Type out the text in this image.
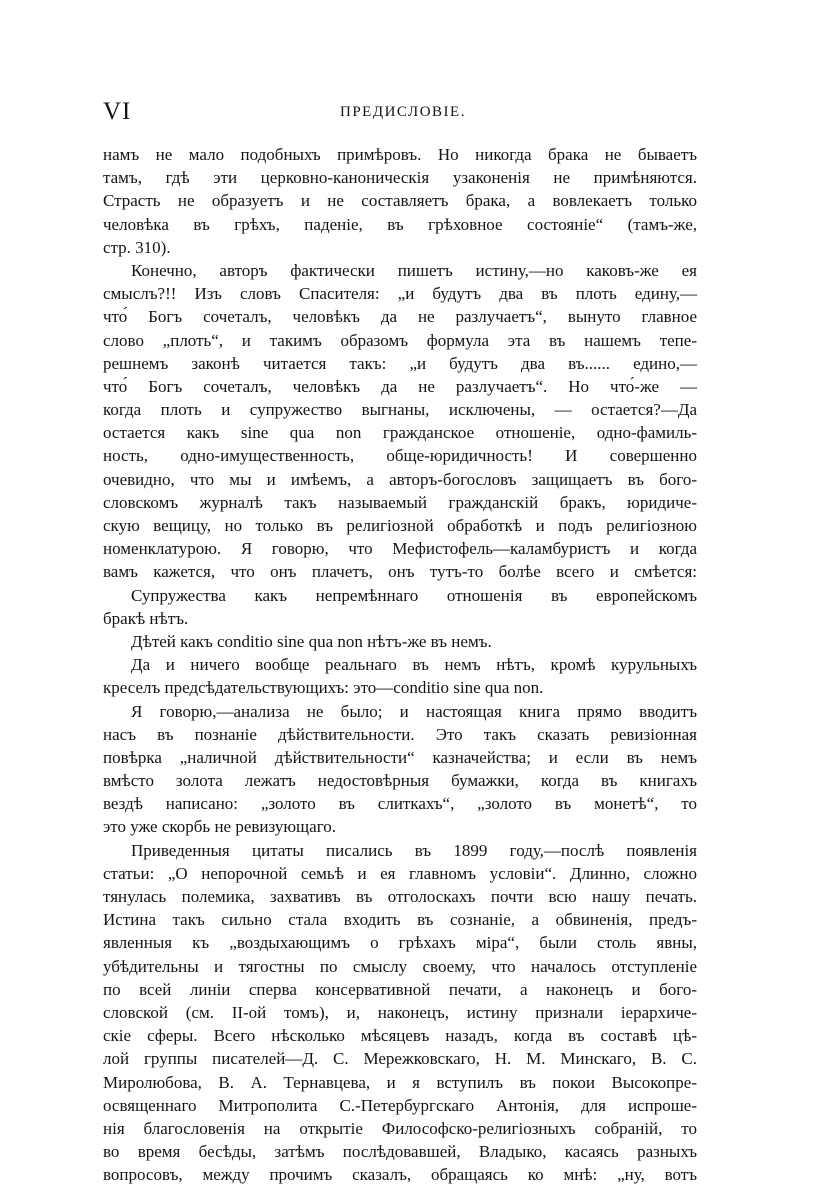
VI	ПРЕДИСЛОВIЕ.
намъ не мало подобныхъ примѣровъ. Но никогда брака не бываетъ
тамъ, гдѣ эти церковно-каноническiя узаконенiя не примѣняются.
Страсть не образуетъ и не составляетъ брака, а вовлекаетъ только
человѣка въ грѣхъ, паденiе, въ грѣховное состоянiе“ (тамъ-же,
стр. 310).
Конечно, авторъ фактически пишетъ истину,—но каковъ-же ея
смыслъ?!! Изъ словъ Спасителя: „и будутъ два въ плоть едину,—
что́ Богъ сочеталъ, человѣкъ да не разлучаетъ“, вынуто главное
слово „плоть“, и такимъ образомъ формула эта въ нашемъ тепе-
решнемъ законѣ читается такъ: „и будутъ два въ...... едино,—
что́ Богъ сочеталъ, человѣкъ да не разлучаетъ“. Но что́-же —
когда плоть и супружество выгнаны, исключены, — остается?—Да
остается какъ sine qua non гражданское отношенiе, одно-фамиль-
ность, одно-имущественность, обще-юридичность! И совершенно
очевидно, что мы и имѣемъ, а авторъ-богословъ защищаетъ въ бого-
словскомъ журналѣ такъ называемый гражданскiй бракъ, юридиче-
скую вещицу, но только въ религiозной обработкѣ и подъ религiозною
номенклатурою. Я говорю, что Мефистофель—каламбуристъ и когда
вамъ кажется, что онъ плачетъ, онъ тутъ-то болѣе всего и смѣется:
Супружества какъ непремѣннаго отношенiя въ европейскомъ
бракѣ нѣтъ.
Дѣтей какъ conditio sine qua non нѣтъ-же въ немъ.
Да и ничего вообще реальнаго въ немъ нѣтъ, кромѣ курульныхъ
креселъ предсѣдательствующихъ: это—conditio sine qua non.
Я говорю,—анализа не было; и настоящая книга прямо вводитъ
насъ въ познанiе дѣйствительности. Это такъ сказать ревизiонная
повѣрка „наличной дѣйствительности“ казначейства; и если въ немъ
вмѣсто золота лежатъ недостовѣрныя бумажки, когда въ книгахъ
вездѣ написано: „золото въ слиткахъ“, „золото въ монетѣ“, то
это уже скорбь не ревизующаго.
Приведенныя цитаты писались въ 1899 году,—послѣ появленiя
статьи: „О непорочной семьѣ и ея главномъ условiи“. Длинно, сложно
тянулась полемика, захвативъ въ отголоскахъ почти всю нашу печать.
Истина такъ сильно стала входить въ сознанiе, а обвиненiя, предъ-
явленныя къ „воздыхающимъ о грѣхахъ мiра“, были столь явны,
убѣдительны и тягостны по смыслу своему, что началось отступленiе
по всей линiи сперва консервативной печати, а наконецъ и бого-
словской (см. II-ой томъ), и, наконецъ, истину признали iерархиче-
скiе сферы. Всего нѣсколько мѣсяцевъ назадъ, когда въ составѣ цѣ-
лой группы писателей—Д. С. Мережковскаго, Н. М. Минскаго, В. С.
Миролюбова, В. А. Тернавцева, и я вступилъ въ покои Высокопре-
освященнаго Митрополита С.-Петербургскаго Антонiя, для испроше-
нiя благословенiя на открытiе Философско-религiозныхъ собранiй, то
во время бесѣды, затѣмъ послѣдовавшей, Владыко, касаясь разныхъ
вопросовъ, между прочимъ сказалъ, обращаясь ко мнѣ: „ну, вотъ
